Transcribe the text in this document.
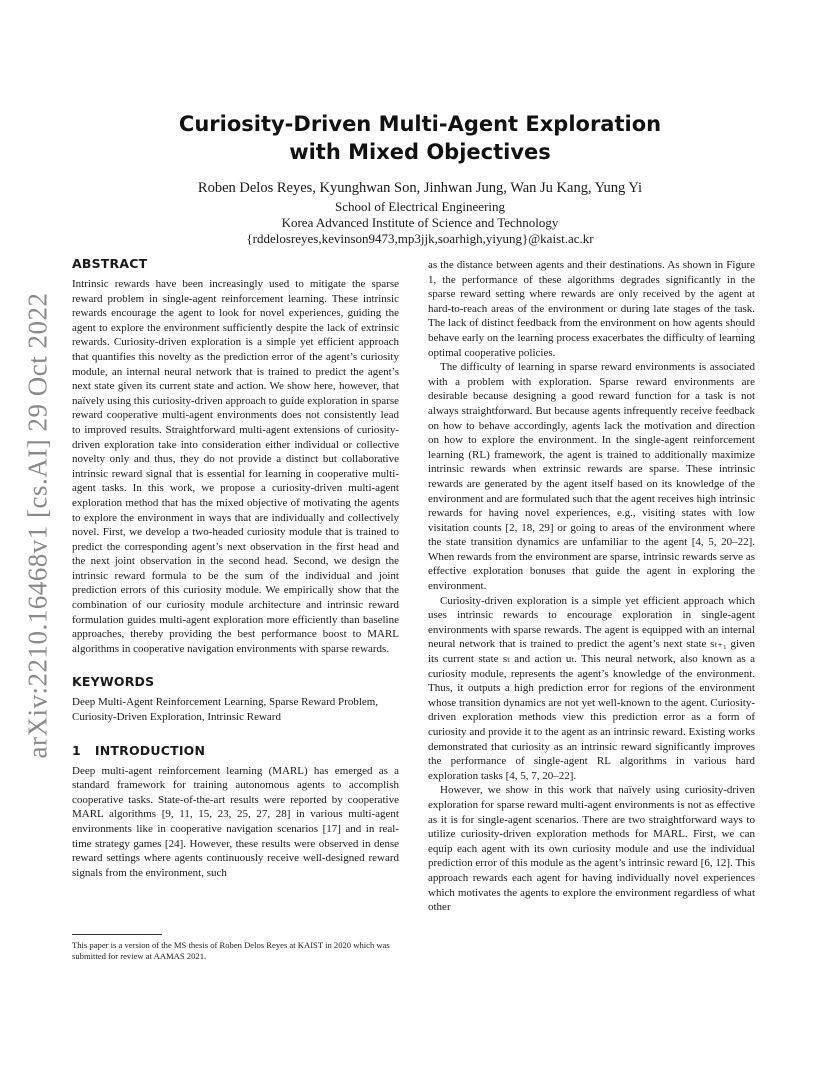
arXiv:2210.16468v1 [cs.AI] 29 Oct 2022
Curiosity-Driven Multi-Agent Exploration
with Mixed Objectives

Roben Delos Reyes, Kyunghwan Son, Jinhwan Jung, Wan Ju Kang, Yung Yi

School of Electrical Engineering

Korea Advanced Institute of Science and Technology

{rddelosreyes,kevinson9473,mp3jjk,soarhigh,yiyung}@kaist.ac.kr

ABSTRACT

Intrinsic rewards have been increasingly used to mitigate the sparse reward problem in single-agent reinforcement learning. These intrinsic rewards encourage the agent to look for novel experiences, guiding the agent to explore the environment sufficiently despite the lack of extrinsic rewards. Curiosity-driven exploration is a simple yet efficient approach that quantifies this novelty as the prediction error of the agent’s curiosity module, an internal neural network that is trained to predict the agent’s next state given its current state and action. We show here, however, that naïvely using this curiosity-driven approach to guide exploration in sparse reward cooperative multi-agent environments does not consistently lead to improved results. Straightforward multi-agent extensions of curiosity-driven exploration take into consideration either individual or collective novelty only and thus, they do not provide a distinct but collaborative intrinsic reward signal that is essential for learning in cooperative multi-agent tasks. In this work, we propose a curiosity-driven multi-agent exploration method that has the mixed objective of motivating the agents to explore the environment in ways that are individually and collectively novel. First, we develop a two-headed curiosity module that is trained to predict the corresponding agent’s next observation in the first head and the next joint observation in the second head. Second, we design the intrinsic reward formula to be the sum of the individual and joint prediction errors of this curiosity module. We empirically show that the combination of our curiosity module architecture and intrinsic reward formulation guides multi-agent exploration more efficiently than baseline approaches, thereby providing the best performance boost to MARL algorithms in cooperative navigation environments with sparse rewards.

KEYWORDS

Deep Multi-Agent Reinforcement Learning, Sparse Reward Problem, Curiosity-Driven Exploration, Intrinsic Reward

1 INTRODUCTION

Deep multi-agent reinforcement learning (MARL) has emerged as a standard framework for training autonomous agents to accomplish cooperative tasks. State-of-the-art results were reported by cooperative MARL algorithms [9, 11, 15, 23, 25, 27, 28] in various multi-agent environments like in cooperative navigation scenarios [17] and in real-time strategy games [24]. However, these results were observed in dense reward settings where agents continuously receive well-designed reward signals from the environment, such

as the distance between agents and their destinations. As shown in Figure 1, the performance of these algorithms degrades significantly in the sparse reward setting where rewards are only received by the agent at hard-to-reach areas of the environment or during late stages of the task. The lack of distinct feedback from the environment on how agents should behave early on the learning process exacerbates the difficulty of learning optimal cooperative policies.

The difficulty of learning in sparse reward environments is associated with a problem with exploration. Sparse reward environments are desirable because designing a good reward function for a task is not always straightforward. But because agents infrequently receive feedback on how to behave accordingly, agents lack the motivation and direction on how to explore the environment. In the single-agent reinforcement learning (RL) framework, the agent is trained to additionally maximize intrinsic rewards when extrinsic rewards are sparse. These intrinsic rewards are generated by the agent itself based on its knowledge of the environment and are formulated such that the agent receives high intrinsic rewards for having novel experiences, e.g., visiting states with low visitation counts [2, 18, 29] or going to areas of the environment where the state transition dynamics are unfamiliar to the agent [4, 5, 20–22]. When rewards from the environment are sparse, intrinsic rewards serve as effective exploration bonuses that guide the agent in exploring the environment.

Curiosity-driven exploration is a simple yet efficient approach which uses intrinsic rewards to encourage exploration in single-agent environments with sparse rewards. The agent is equipped with an internal neural network that is trained to predict the agent’s next state sₜ₊₁ given its current state sₜ and action uₜ. This neural network, also known as a curiosity module, represents the agent’s knowledge of the environment. Thus, it outputs a high prediction error for regions of the environment whose transition dynamics are not yet well-known to the agent. Curiosity-driven exploration methods view this prediction error as a form of curiosity and provide it to the agent as an intrinsic reward. Existing works demonstrated that curiosity as an intrinsic reward significantly improves the performance of single-agent RL algorithms in various hard exploration tasks [4, 5, 7, 20–22].

However, we show in this work that naïvely using curiosity-driven exploration for sparse reward multi-agent environments is not as effective as it is for single-agent scenarios. There are two straightforward ways to utilize curiosity-driven exploration methods for MARL. First, we can equip each agent with its own curiosity module and use the individual prediction error of this module as the agent’s intrinsic reward [6, 12]. This approach rewards each agent for having individually novel experiences which motivates the agents to explore the environment regardless of what other

This paper is a version of the MS thesis of Roben Delos Reyes at KAIST in 2020 which was submitted for review at AAMAS 2021.
